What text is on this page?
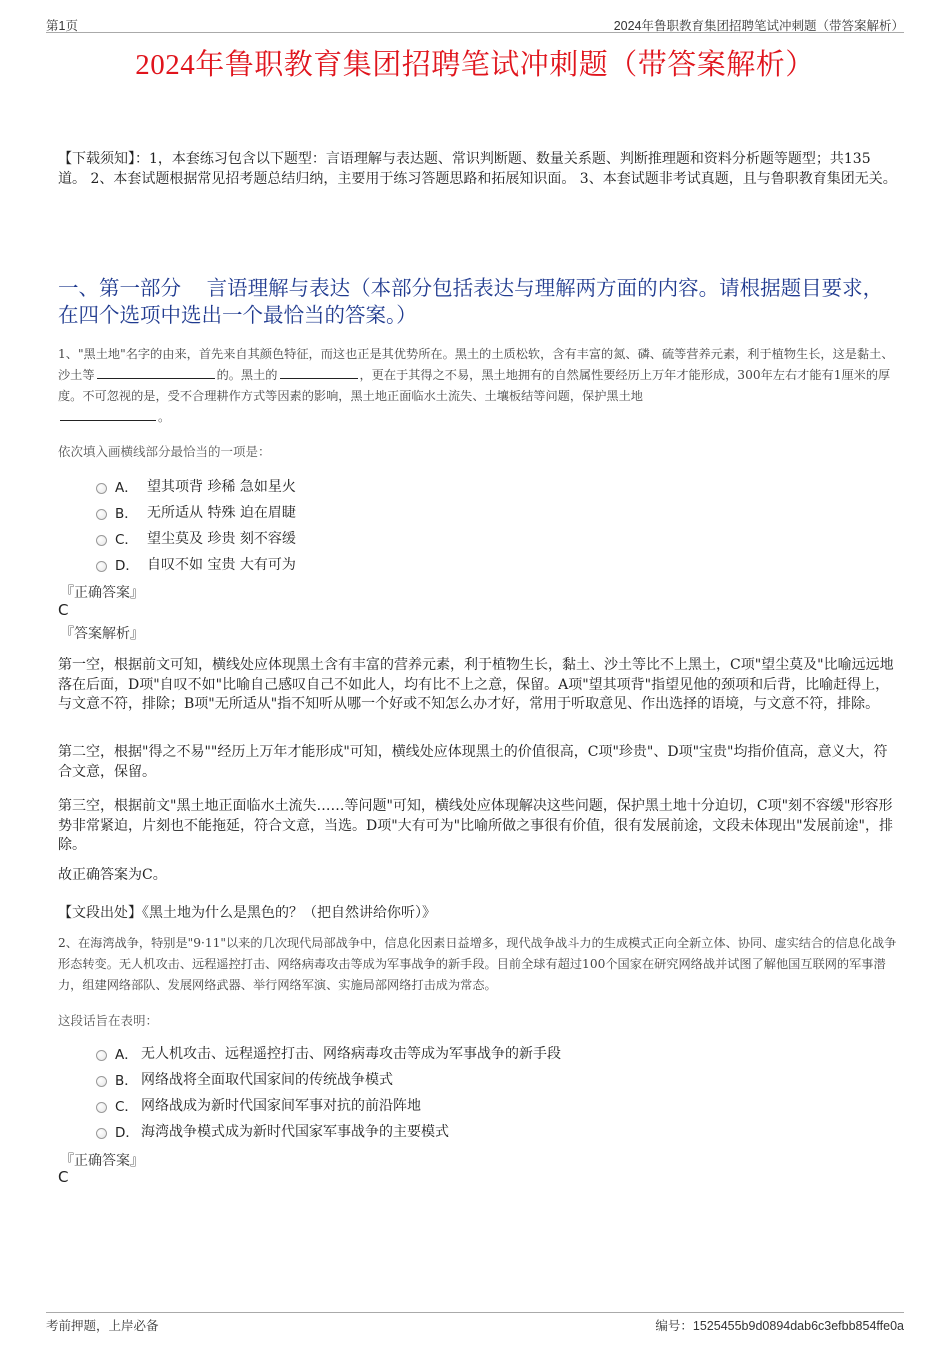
第1页	2024年鲁职教育集团招聘笔试冲刺题（带答案解析）
2024年鲁职教育集团招聘笔试冲刺题（带答案解析）
【下载须知】：1，本套练习包含以下题型：言语理解与表达题、常识判断题、数量关系题、判断推理题和资料分析题等题型；共135道。 2、本套试题根据常见招考题总结归纳，主要用于练习答题思路和拓展知识面。 3、本套试题非考试真题，且与鲁职教育集团无关。
一、第一部分　 言语理解与表达（本部分包括表达与理解两方面的内容。请根据题目要求，在四个选项中选出一个最恰当的答案。）
1、"黑土地"名字的由来，首先来自其颜色特征，而这也正是其优势所在。黑土的土质松软，含有丰富的氮、磷、硫等营养元素，利于植物生长，这是黏土、沙土等	的。黑土的	，更在于其得之不易，黑土地拥有的自然属性要经历上万年才能形成，300年左右才能有1厘米的厚度。不可忽视的是，受不合理耕作方式等因素的影响，黑土地正面临水土流失、土壤板结等问题，保护黑土地
。
依次填入画横线部分最恰当的一项是：
A． 望其项背 珍稀 急如星火
B． 无所适从 特殊 迫在眉睫
C． 望尘莫及 珍贵 刻不容缓
D． 自叹不如 宝贵 大有可为
『正确答案』
C
『答案解析』
第一空，根据前文可知，横线处应体现黑土含有丰富的营养元素，利于植物生长，黏土、沙土等比不上黑土，C项"望尘莫及"比喻远远地落在后面，D项"自叹不如"比喻自己感叹自己不如此人，均有比不上之意，保留。A项"望其项背"指望见他的颈项和后背，比喻赶得上，与文意不符，排除；B项"无所适从"指不知听从哪一个好或不知怎么办才好，常用于听取意见、作出选择的语境，与文意不符，排除。
第二空，根据"得之不易""经历上万年才能形成"可知，横线处应体现黑土的价值很高，C项"珍贵"、D项"宝贵"均指价值高，意义大，符合文意，保留。
第三空，根据前文"黑土地正面临水土流失……等问题"可知，横线处应体现解决这些问题，保护黑土地十分迫切，C项"刻不容缓"形容形势非常紧迫，片刻也不能拖延，符合文意，当选。D项"大有可为"比喻所做之事很有价值，很有发展前途，文段未体现出"发展前途"，排除。
故正确答案为C。
【文段出处】《黑土地为什么是黑色的？（把自然讲给你听）》
2、在海湾战争，特别是"9·11"以来的几次现代局部战争中，信息化因素日益增多，现代战争战斗力的生成模式正向全新立体、协同、虚实结合的信息化战争形态转变。无人机攻击、远程遥控打击、网络病毒攻击等成为军事战争的新手段。目前全球有超过100个国家在研究网络战并试图了解他国互联网的军事潜力，组建网络部队、发展网络武器、举行网络军演、实施局部网络打击成为常态。
这段话旨在表明：
A． 无人机攻击、远程遥控打击、网络病毒攻击等成为军事战争的新手段
B． 网络战将全面取代国家间的传统战争模式
C． 网络战成为新时代国家间军事对抗的前沿阵地
D． 海湾战争模式成为新时代国家军事战争的主要模式
『正确答案』
C
考前押题，上岸必备	编号：1525455b9d0894dab6c3efbb854ffe0a
